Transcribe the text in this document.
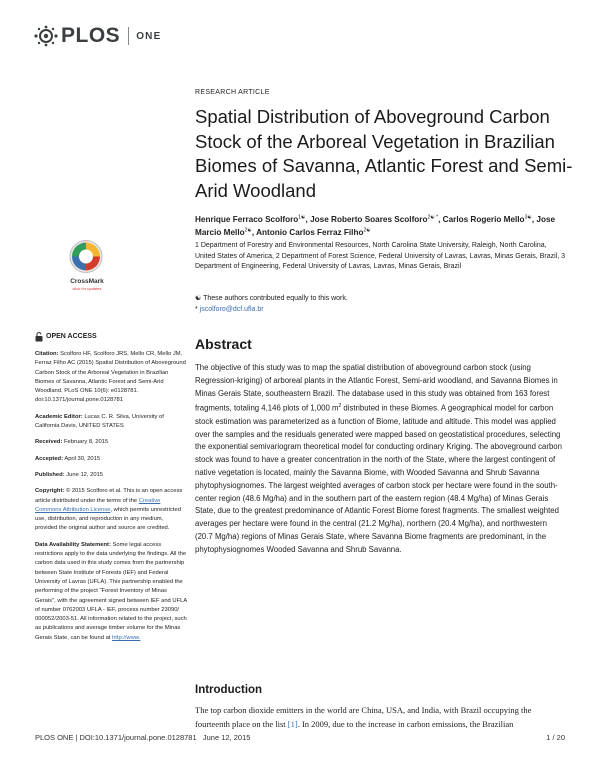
PLOS ONE
RESEARCH ARTICLE
Spatial Distribution of Aboveground Carbon Stock of the Arboreal Vegetation in Brazilian Biomes of Savanna, Atlantic Forest and Semi-Arid Woodland
Henrique Ferraco Scolforo$^{1☯}$, Jose Roberto Soares Scolforo$^{2☯ *}$, Carlos Rogerio Mello$^{3☯}$, Jose Marcio Mello$^{2☯}$, Antonio Carlos Ferraz Filho$^{2☯}$
1 Department of Forestry and Environmental Resources, North Carolina State University, Raleigh, North Carolina, United States of America, 2 Department of Forest Science, Federal University of Lavras, Lavras, Minas Gerais, Brazil, 3 Department of Engineering, Federal University of Lavras, Lavras, Minas Gerais, Brazil
☯ These authors contributed equally to this work.
* jscolforo@dcf.ufla.br
CrossMark
click for updates
OPEN ACCESS

Citation: Scolforo HF, Scolforo JRS, Mello CR, Mello JM, Ferraz Filho AC (2015) Spatial Distribution of Aboveground Carbon Stock of the Arboreal Vegetation in Brazilian Biomes of Savanna, Atlantic Forest and Semi-Arid Woodland. PLoS ONE 10(6): e0128781. doi:10.1371/journal.pone.0128781

Academic Editor: Lucas C. R. Silva, University of California Davis, UNITED STATES

Received: February 8, 2015

Accepted: April 30, 2015

Published: June 12, 2015

Copyright: © 2015 Scolforo et al. This is an open access article distributed under the terms of the Creative Commons Attribution License, which permits unrestricted use, distribution, and reproduction in any medium, provided the original author and source are credited.

Data Availability Statement: Some legal access restrictions apply to the data underlying the findings. All the carbon data used in this study comes from the partnership between State Institute of Forests (IEF) and Federal University of Lavras (UFLA). This partnership enabled the performing of the project "Forest Inventory of Minas Gerais", with the agreement signed between IEF and UFLA of number 0762003 UFLA - IEF, process number 23090/ 000052/2003-51. All information related to the project, such as publications and average timber volume for the Minas Gerais State, can be found at http://www.

Abstract
The objective of this study was to map the spatial distribution of aboveground carbon stock (using Regression-kriging) of arboreal plants in the Atlantic Forest, Semi-arid woodland, and Savanna Biomes in Minas Gerais State, southeastern Brazil. The database used in this study was obtained from 163 forest fragments, totaling 4,146 plots of 1,000 $m^2$ distributed in these Biomes. A geographical model for carbon stock estimation was parameterized as a function of Biome, latitude and altitude. This model was applied over the samples and the residuals generated were mapped based on geostatistical procedures, selecting the exponential semivariogram theoretical model for conducting ordinary Kriging. The aboveground carbon stock was found to have a greater concentration in the north of the State, where the largest contingent of native vegetation is located, mainly the Savanna Biome, with Wooded Savanna and Shrub Savanna phytophysiognomes. The largest weighted averages of carbon stock per hectare were found in the south-center region (48.6 Mg/ha) and in the southern part of the eastern region (48.4 Mg/ha) of Minas Gerais State, due to the greatest predominance of Atlantic Forest Biome forest fragments. The smallest weighted averages per hectare were found in the central (21.2 Mg/ha), northern (20.4 Mg/ha), and northwestern (20.7 Mg/ha) regions of Minas Gerais State, where Savanna Biome fragments are predominant, in the phytophysiognomes Wooded Savanna and Shrub Savanna.
Introduction
The top carbon dioxide emitters in the world are China, USA, and India, with Brazil occupying the fourteenth place on the list [1]. In 2009, due to the increase in carbon emissions, the Brazilian
PLOS ONE | DOI:10.1371/journal.pone.0128781   June 12, 2015	1 / 20
